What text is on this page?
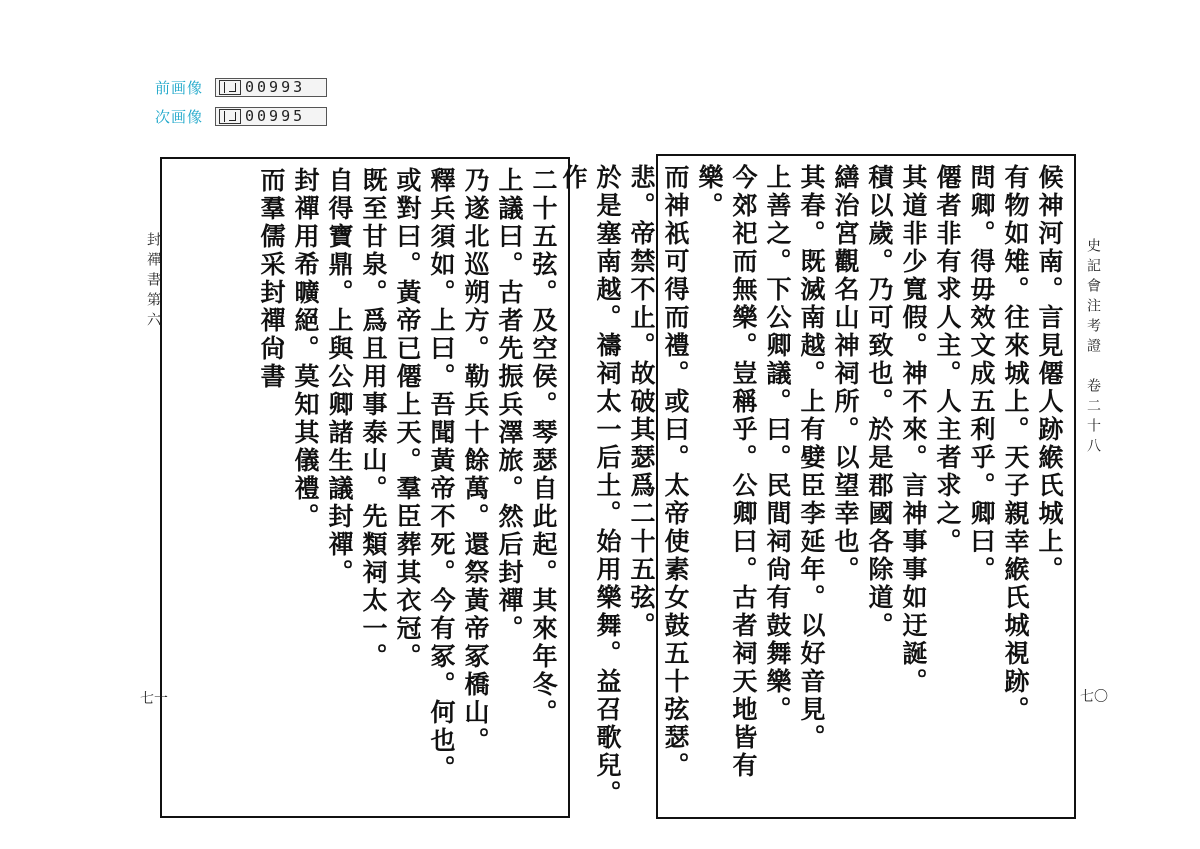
前画像	00993
次画像	00995
二十五弦。及空侯。琴瑟自此起。其來年冬。
上議曰。古者先振兵澤旅。然后封禪。
乃遂北巡朔方。勒兵十餘萬。還祭黃帝冢橋山。
釋兵須如。上曰。吾聞黃帝不死。今有冢。何也。
或對曰。黃帝已僊上天。羣臣葬其衣冠。
既至甘泉。爲且用事泰山。先類祠太一。
自得寶鼎。上與公卿諸生議封禪。
封禪用希曠絕。莫知其儀禮。
而羣儒采封禪尙書
封禪書第六
七一
候神河南。言見僊人跡緱氏城上。
有物如雉。往來城上。天子親幸緱氏城視跡。
問卿。得毋效文成五利乎。卿曰。
僊者非有求人主。人主者求之。
其道非少寬假。神不來。言神事事如迂誕。
積以歲。乃可致也。於是郡國各除道。
繕治宮觀名山神祠所。以望幸也。
其春。既滅南越。上有嬖臣李延年。以好音見。
上善之。下公卿議。曰。民間祠尙有鼓舞樂。
今郊祀而無樂。豈稱乎。公卿曰。古者祠天地皆有樂。
而神祇可得而禮。或曰。太帝使素女鼓五十弦瑟。
悲。帝禁不止。故破其瑟爲二十五弦。
於是塞南越。禱祠太一后土。始用樂舞。益召歌兒。作
史記會注考證　卷二十八
七〇
